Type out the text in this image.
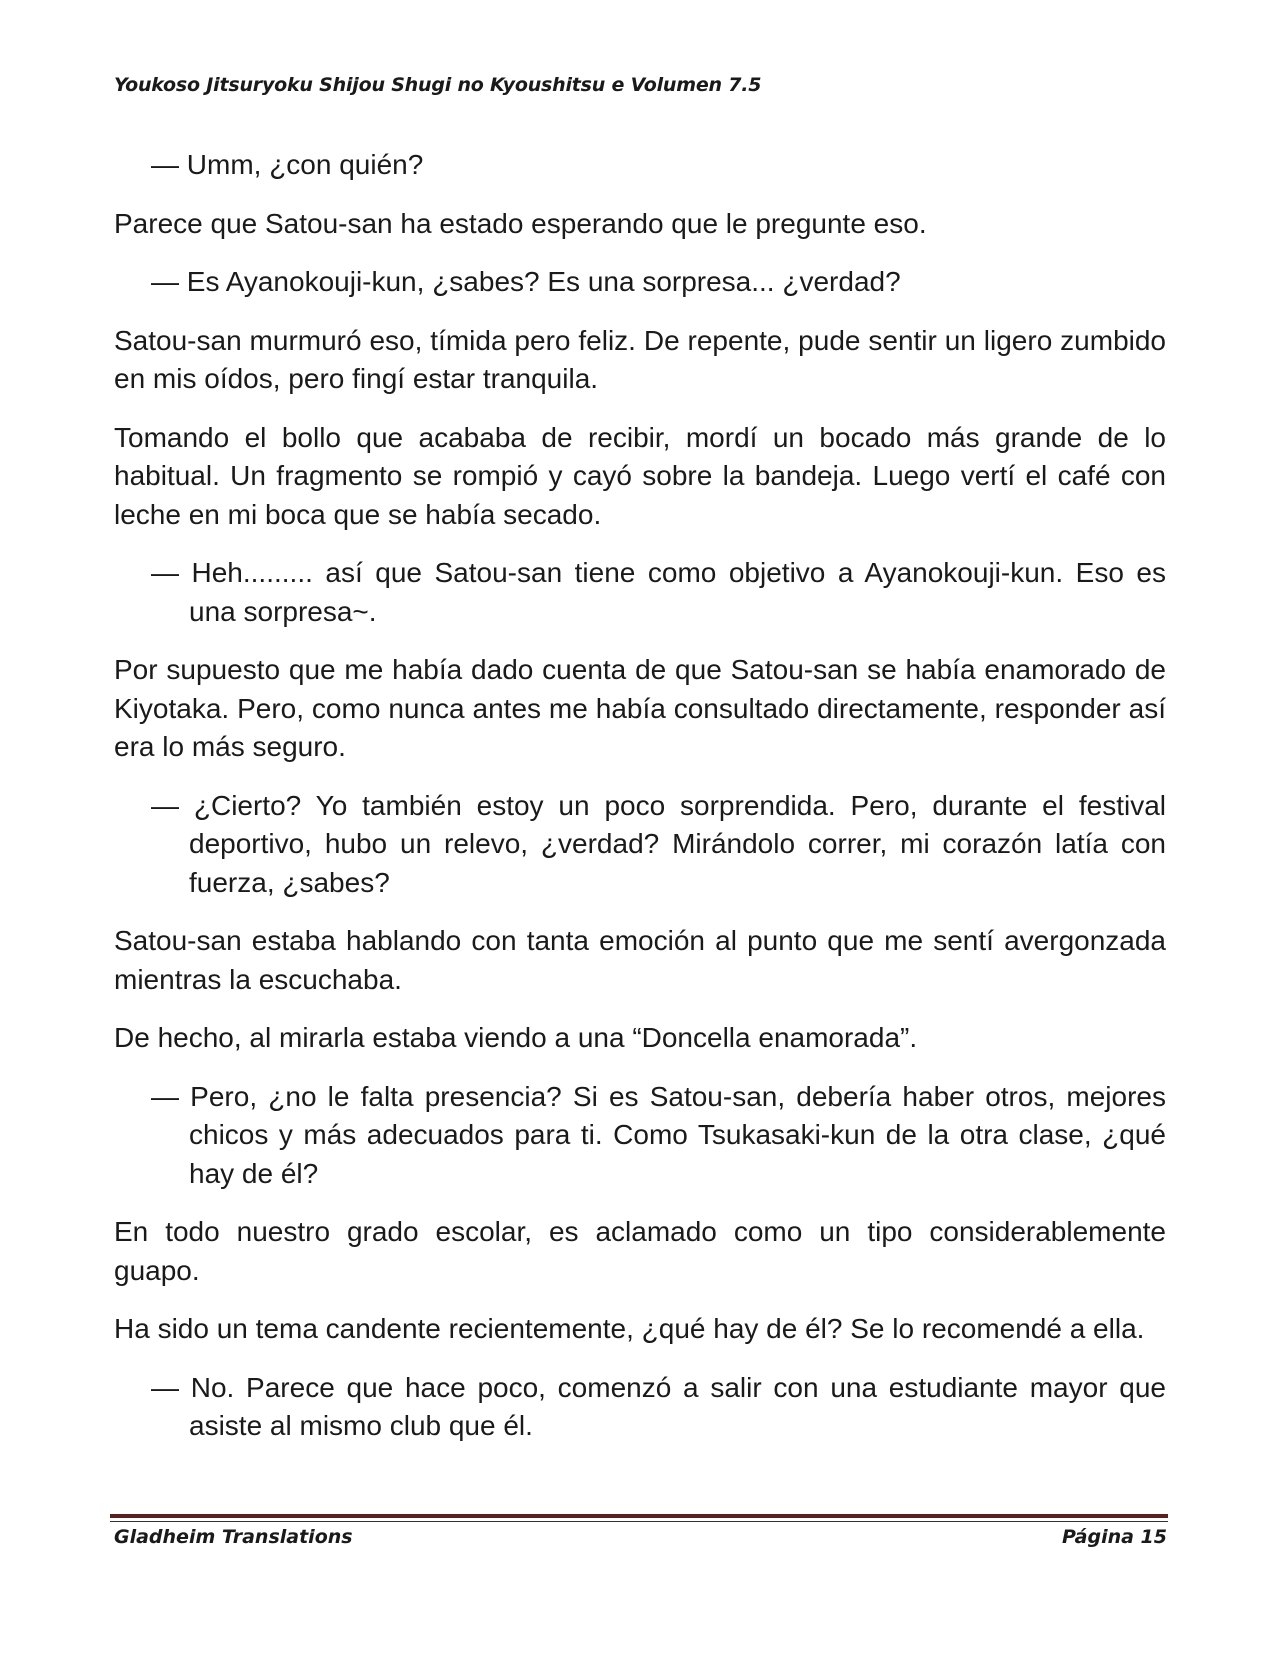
Youkoso Jitsuryoku Shijou Shugi no Kyoushitsu e Volumen 7.5

— Umm, ¿con quién?

Parece que Satou-san ha estado esperando que le pregunte eso.

— Es Ayanokouji-kun, ¿sabes? Es una sorpresa... ¿verdad?

Satou-san murmuró eso, tímida pero feliz. De repente, pude sentir un ligero zumbido en mis oídos, pero fingí estar tranquila.

Tomando el bollo que acababa de recibir, mordí un bocado más grande de lo habitual. Un fragmento se rompió y cayó sobre la bandeja. Luego vertí el café con leche en mi boca que se había secado.

— Heh......... así que Satou-san tiene como objetivo a Ayanokouji-kun. Eso es una sorpresa~.

Por supuesto que me había dado cuenta de que Satou-san se había enamorado de Kiyotaka. Pero, como nunca antes me había consultado directamente, responder así era lo más seguro.

— ¿Cierto? Yo también estoy un poco sorprendida. Pero, durante el festival deportivo, hubo un relevo, ¿verdad? Mirándolo correr, mi corazón latía con fuerza, ¿sabes?

Satou-san estaba hablando con tanta emoción al punto que me sentí avergonzada mientras la escuchaba.

De hecho, al mirarla estaba viendo a una “Doncella enamorada”.

— Pero, ¿no le falta presencia? Si es Satou-san, debería haber otros, mejores chicos y más adecuados para ti. Como Tsukasaki-kun de la otra clase, ¿qué hay de él?

En todo nuestro grado escolar, es aclamado como un tipo considerablemente guapo.

Ha sido un tema candente recientemente, ¿qué hay de él? Se lo recomendé a ella.

— No. Parece que hace poco, comenzó a salir con una estudiante mayor que asiste al mismo club que él.

Gladheim Translations	Página 15
